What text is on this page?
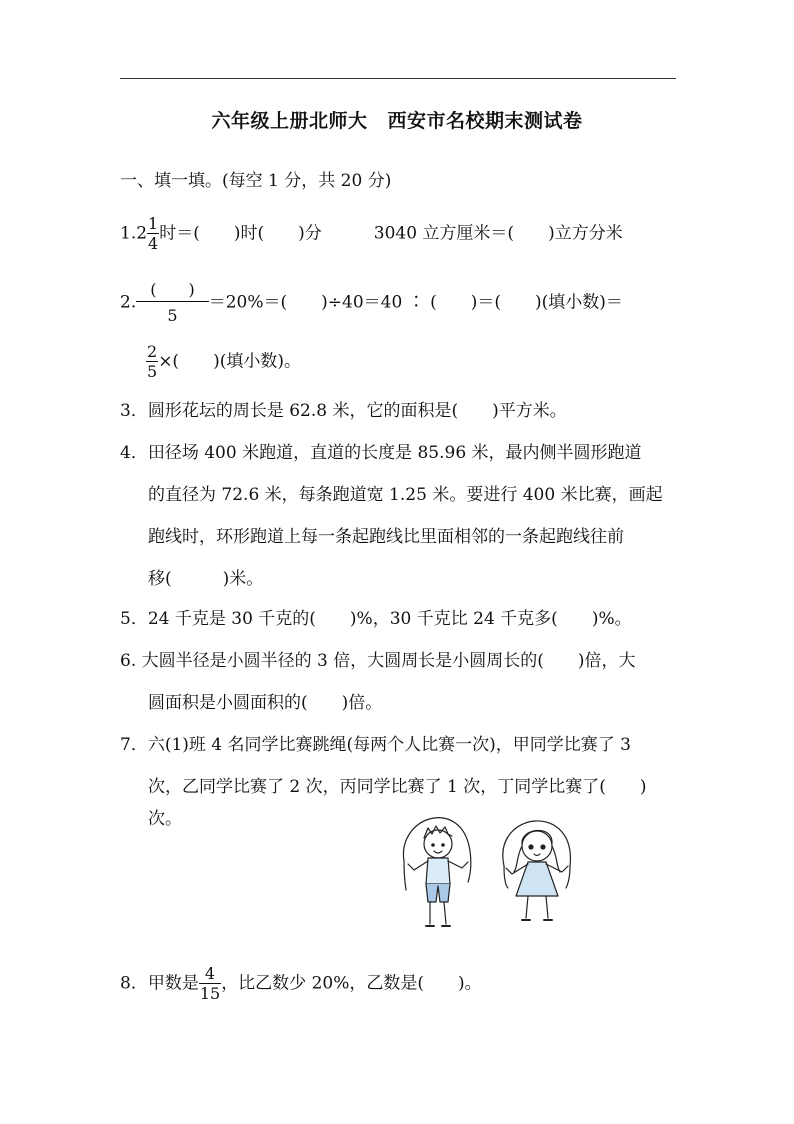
六年级上册北师大 西安市名校期末测试卷
一、填一填。(每空 1 分，共 20 分)
$1.2 \frac{1}{4}$ 时＝(　　)时(　　)分	3040 立方厘米＝(　　)立方分米
2. $\frac{( )}{5} =20\%=$(　　)÷40＝40 ∶ (　　)＝(　　)(填小数)＝
$\frac{2}{5}$ ×(　　)(填小数)。
3．圆形花坛的周长是 62.8 米，它的面积是(　　)平方米。
4．田径场 400 米跑道，直道的长度是 85.96 米，最内侧半圆形跑道
的直径为 72.6 米，每条跑道宽 1.25 米。要进行 400 米比赛，画起
跑线时，环形跑道上每一条起跑线比里面相邻的一条起跑线往前
移(　　　)米。
5．24 千克是 30 千克的(　　)%，30 千克比 24 千克多(　　)%。
6. 大圆半径是小圆半径的 3 倍，大圆周长是小圆周长的(　　)倍，大
圆面积是小圆面积的(　　)倍。
7．六(1)班 4 名同学比赛跳绳(每两个人比赛一次)，甲同学比赛了 3
次，乙同学比赛了 2 次，丙同学比赛了 1 次，丁同学比赛了(　　)
次。
8．甲数是 $\frac{4}{15}$ ，比乙数少 20%，乙数是(　　)。
